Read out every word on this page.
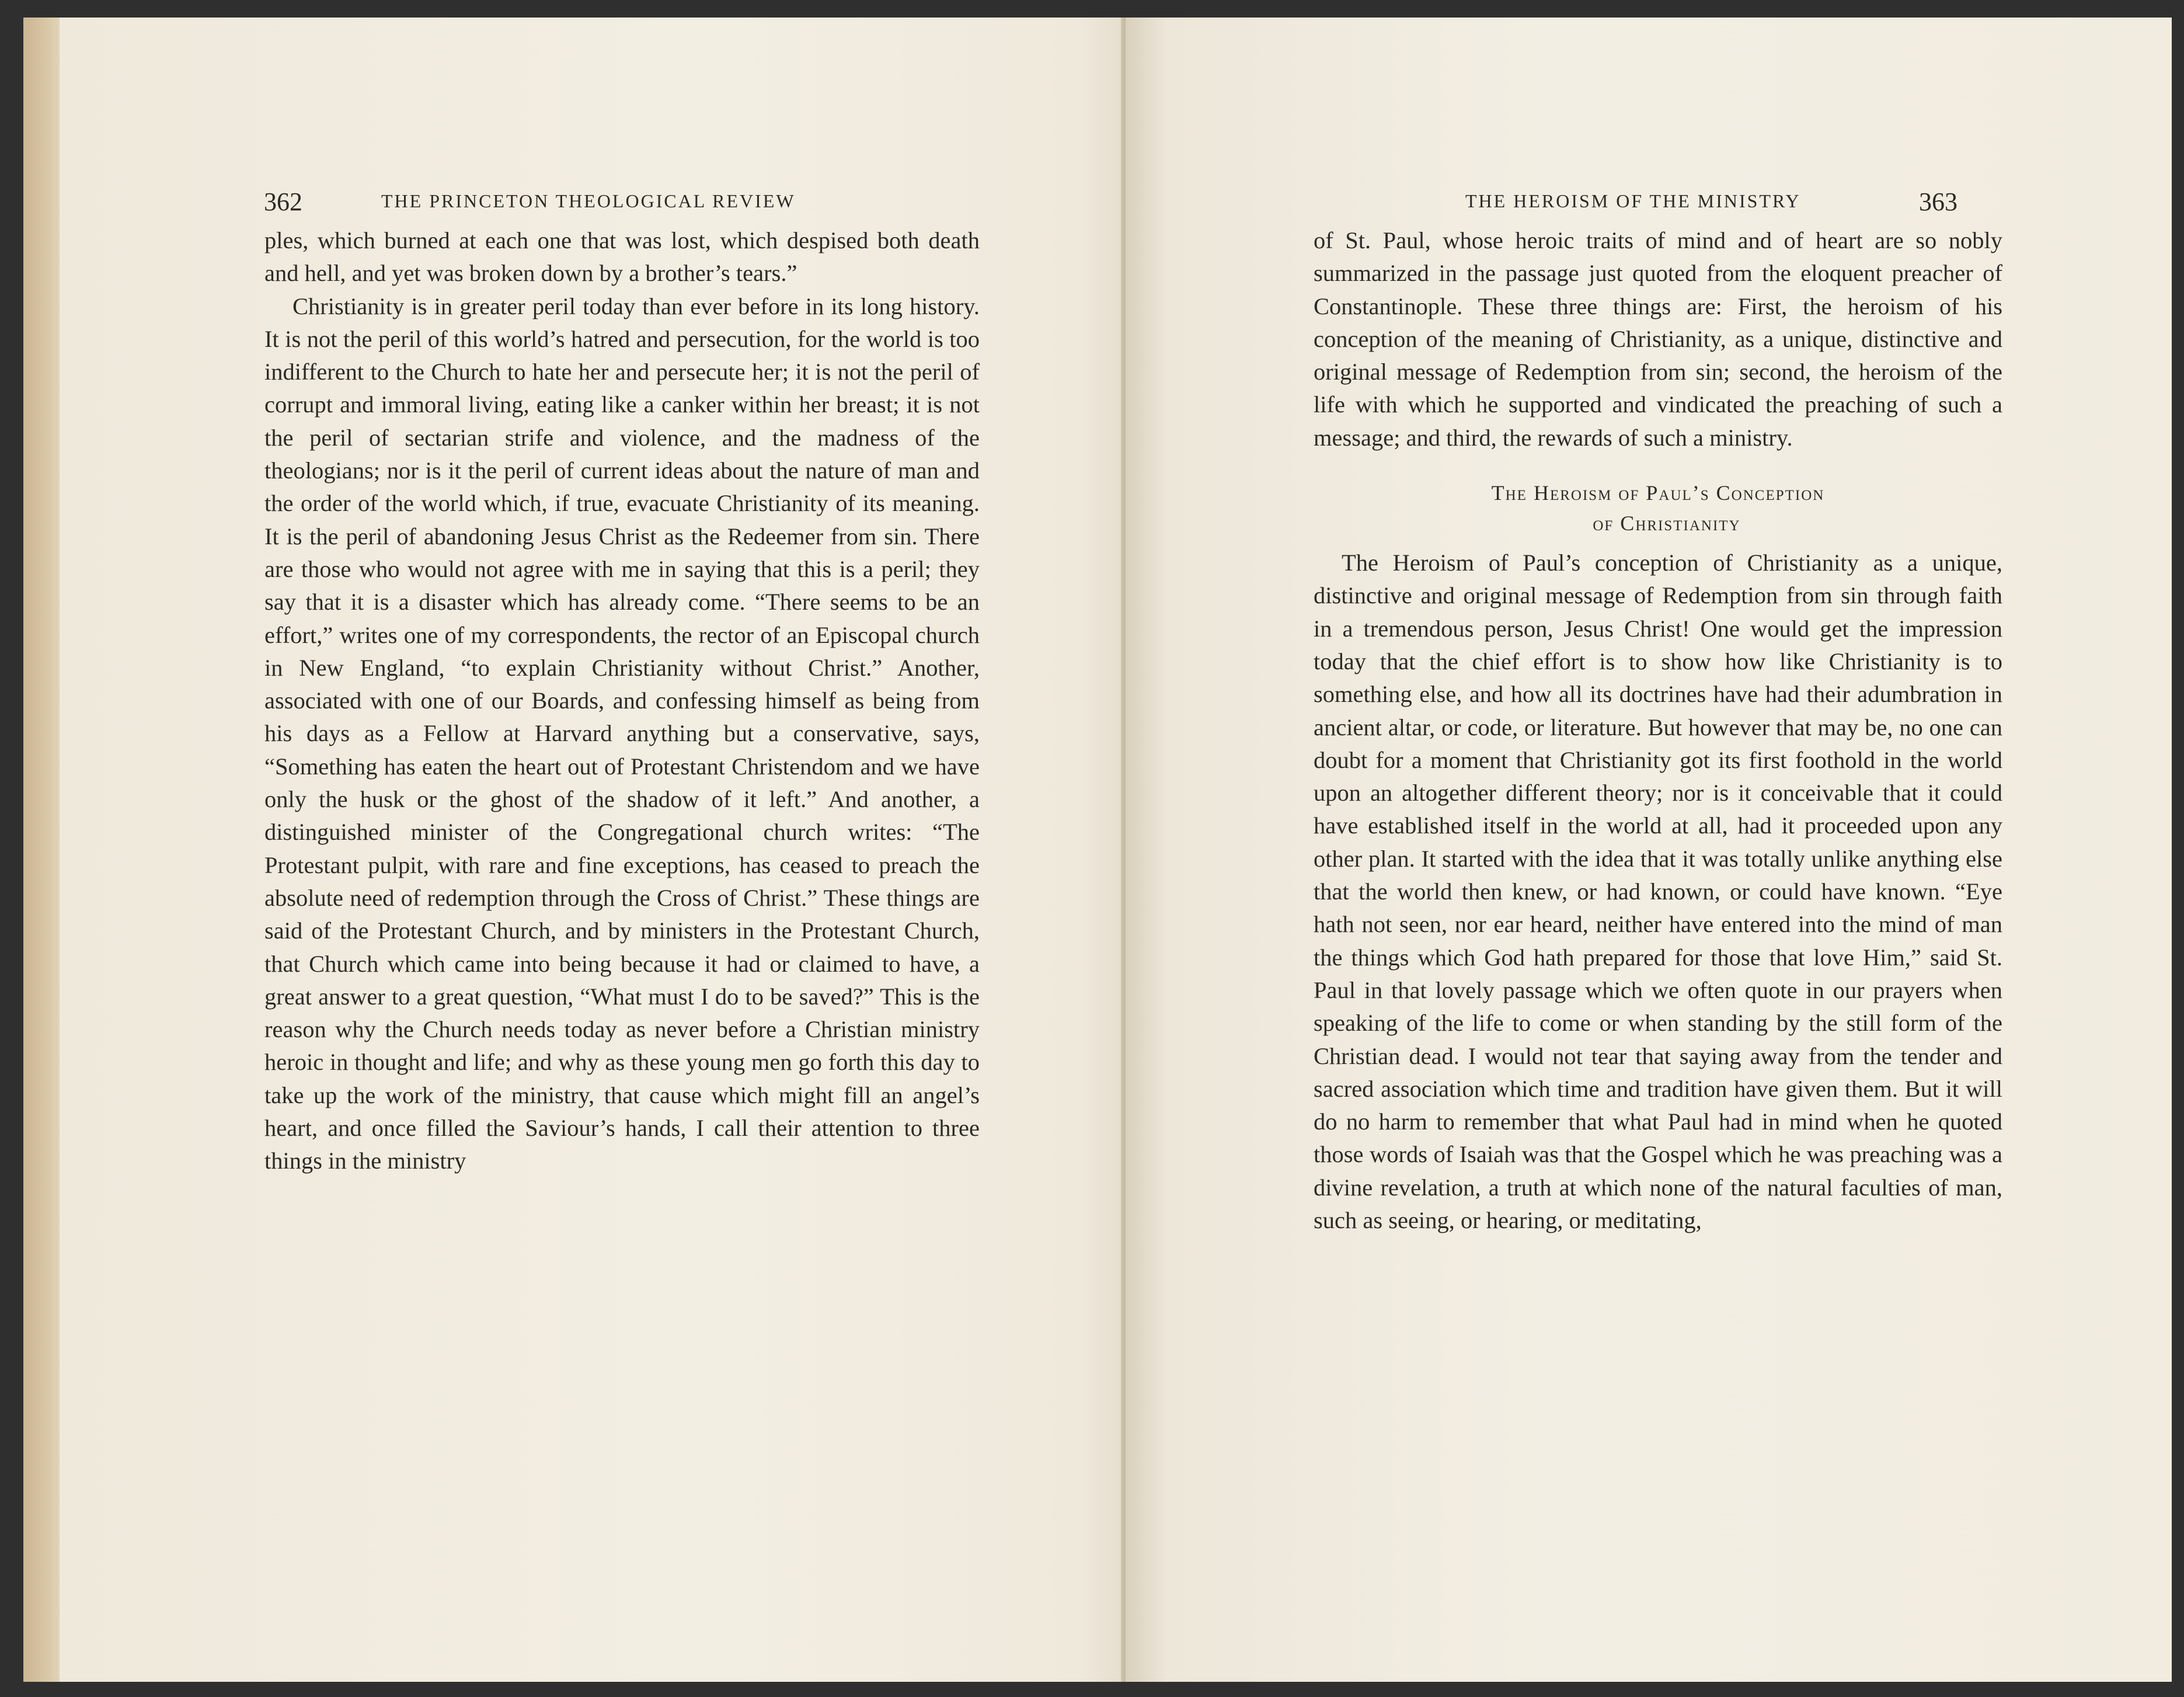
362	THE PRINCETON THEOLOGICAL REVIEW

ples, which burned at each one that was lost, which despised both death and hell, and yet was broken down by a brother’s tears.”

Christianity is in greater peril today than ever before in its long history. It is not the peril of this world’s hatred and persecution, for the world is too indifferent to the Church to hate her and persecute her; it is not the peril of corrupt and immoral living, eating like a canker within her breast; it is not the peril of sectarian strife and violence, and the madness of the theologians; nor is it the peril of current ideas about the nature of man and the order of the world which, if true, evacuate Christianity of its meaning. It is the peril of abandoning Jesus Christ as the Redeemer from sin. There are those who would not agree with me in saying that this is a peril; they say that it is a disaster which has already come. “There seems to be an effort,” writes one of my correspondents, the rector of an Episcopal church in New England, “to explain Christianity without Christ.” Another, associated with one of our Boards, and confessing himself as being from his days as a Fellow at Harvard anything but a conservative, says, “Something has eaten the heart out of Protestant Christendom and we have only the husk or the ghost of the shadow of it left.” And another, a distinguished minister of the Congregational church writes: “The Protestant pulpit, with rare and fine exceptions, has ceased to preach the absolute need of redemption through the Cross of Christ.” These things are said of the Protestant Church, and by ministers in the Protestant Church, that Church which came into being because it had or claimed to have, a great answer to a great question, “What must I do to be saved?” This is the reason why the Church needs today as never before a Christian ministry heroic in thought and life; and why as these young men go forth this day to take up the work of the ministry, that cause which might fill an angel’s heart, and once filled the Saviour’s hands, I call their attention to three things in the ministry

THE HEROISM OF THE MINISTRY	363

of St. Paul, whose heroic traits of mind and of heart are so nobly summarized in the passage just quoted from the eloquent preacher of Constantinople. These three things are: First, the heroism of his conception of the meaning of Christianity, as a unique, distinctive and original message of Redemption from sin; second, the heroism of the life with which he supported and vindicated the preaching of such a message; and third, the rewards of such a ministry.

The Heroism of Paul’s Conception
of Christianity

The Heroism of Paul’s conception of Christianity as a unique, distinctive and original message of Redemption from sin through faith in a tremendous person, Jesus Christ! One would get the impression today that the chief effort is to show how like Christianity is to something else, and how all its doctrines have had their adumbration in ancient altar, or code, or literature. But however that may be, no one can doubt for a moment that Christianity got its first foothold in the world upon an altogether different theory; nor is it conceivable that it could have established itself in the world at all, had it proceeded upon any other plan. It started with the idea that it was totally unlike anything else that the world then knew, or had known, or could have known. “Eye hath not seen, nor ear heard, neither have entered into the mind of man the things which God hath prepared for those that love Him,” said St. Paul in that lovely passage which we often quote in our prayers when speaking of the life to come or when standing by the still form of the Christian dead. I would not tear that saying away from the tender and sacred association which time and tradition have given them. But it will do no harm to remember that what Paul had in mind when he quoted those words of Isaiah was that the Gospel which he was preaching was a divine revelation, a truth at which none of the natural faculties of man, such as seeing, or hearing, or meditating,
